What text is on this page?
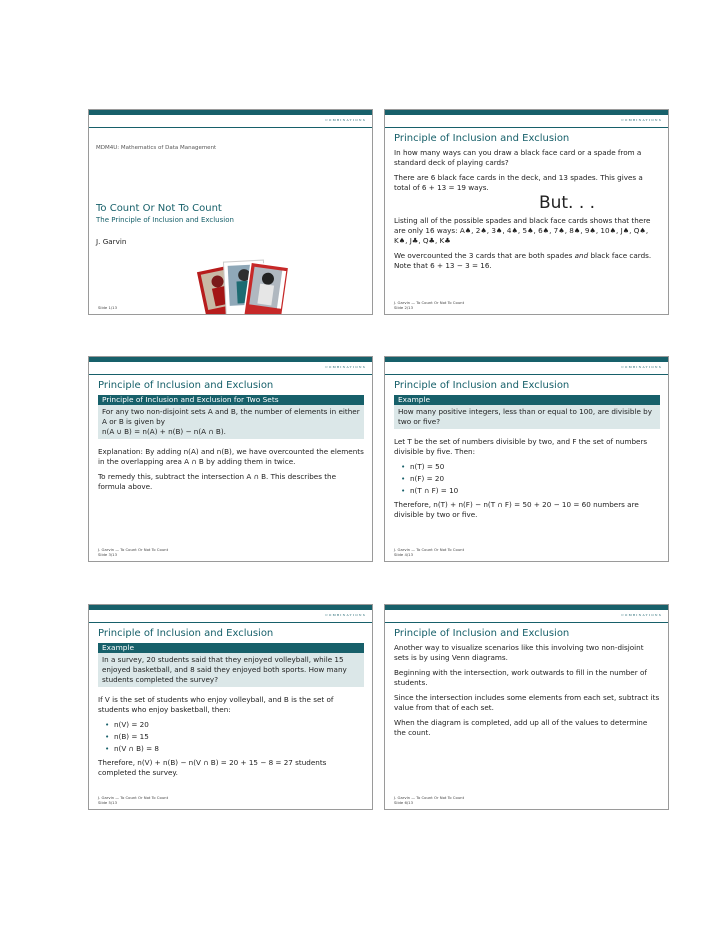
combinations
MDM4U: Mathematics of Data Management
To Count Or Not To Count
The Principle of Inclusion and Exclusion
J. Garvin
Slide 1/13
combinations
Principle of Inclusion and Exclusion

In how many ways can you draw a black face card or a spade from a standard deck of playing cards?

There are 6 black face cards in the deck, and 13 spades. This gives a total of 6 + 13 = 19 ways.

But. . .

Listing all of the possible spades and black face cards shows that there are only 16 ways: A♠, 2♠, 3♠, 4♠, 5♠, 6♠, 7♠, 8♠, 9♠, 10♠, J♠, Q♠, K♠, J♣, Q♣, K♣

We overcounted the 3 cards that are both spades and black face cards. Note that 6 + 13 − 3 = 16.

J. Garvin — To Count Or Not To Count
Slide 2/13
combinations
Principle of Inclusion and Exclusion
Principle of Inclusion and Exclusion for Two Sets
For any two non-disjoint sets A and B, the number of elements in either A or B is given by
n(A ∪ B) = n(A) + n(B) − n(A ∩ B).

Explanation: By adding n(A) and n(B), we have overcounted the elements in the overlapping area A ∩ B by adding them in twice.

To remedy this, subtract the intersection A ∩ B. This describes the formula above.

J. Garvin — To Count Or Not To Count
Slide 3/13
combinations
Principle of Inclusion and Exclusion
Example
How many positive integers, less than or equal to 100, are divisible by two or five?

Let T be the set of numbers divisible by two, and F the set of numbers divisible by five. Then:

• n(T) = 50
• n(F) = 20
• n(T ∩ F) = 10

Therefore, n(T) + n(F) − n(T ∩ F) = 50 + 20 − 10 = 60 numbers are divisible by two or five.

J. Garvin — To Count Or Not To Count
Slide 4/13
combinations
Principle of Inclusion and Exclusion
Example
In a survey, 20 students said that they enjoyed volleyball, while 15 enjoyed basketball, and 8 said they enjoyed both sports. How many students completed the survey?

If V is the set of students who enjoy volleyball, and B is the set of students who enjoy basketball, then:

• n(V) = 20
• n(B) = 15
• n(V ∩ B) = 8

Therefore, n(V) + n(B) − n(V ∩ B) = 20 + 15 − 8 = 27 students completed the survey.

J. Garvin — To Count Or Not To Count
Slide 5/13
combinations
Principle of Inclusion and Exclusion

Another way to visualize scenarios like this involving two non-disjoint sets is by using Venn diagrams.

Beginning with the intersection, work outwards to fill in the number of students.

Since the intersection includes some elements from each set, subtract its value from that of each set.

When the diagram is completed, add up all of the values to determine the count.

J. Garvin — To Count Or Not To Count
Slide 6/13
